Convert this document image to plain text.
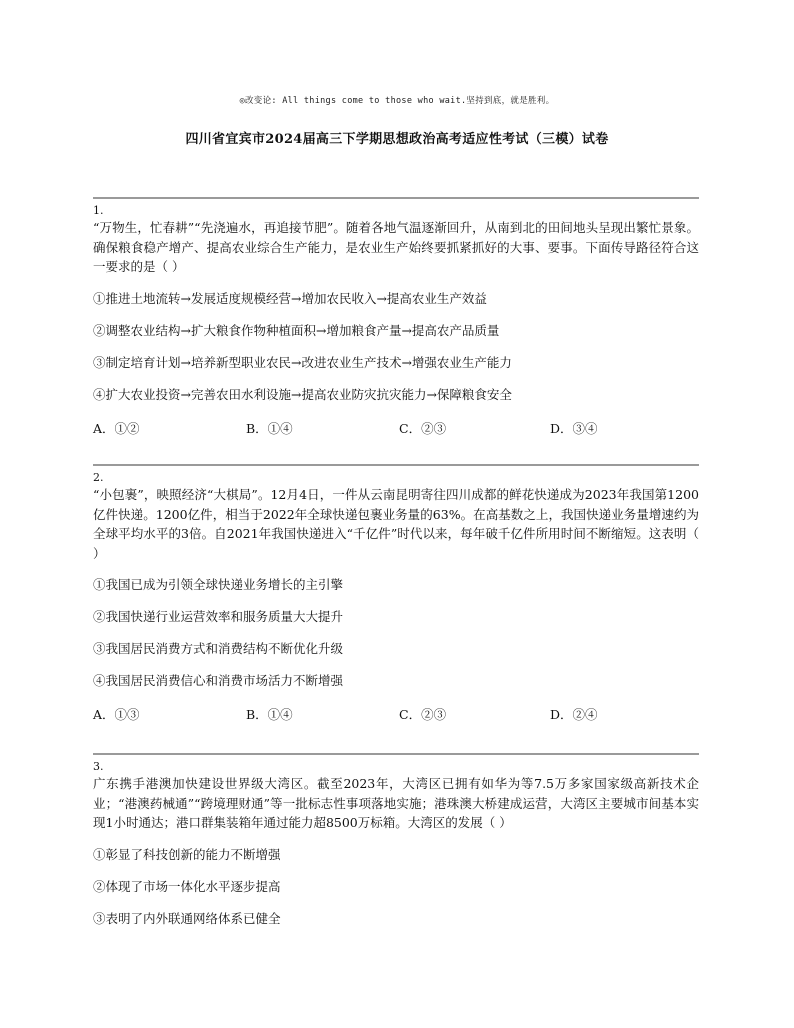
◎改变论: All things come to those who wait.坚持到底，就是胜利。
四川省宜宾市2024届高三下学期思想政治高考适应性考试（三模）试卷
1.
“万物生，忙春耕”“先浇遍水，再追接节肥”。随着各地气温逐渐回升，从南到北的田间地头呈现出繁忙景象。确保粮食稳产增产、提高农业综合生产能力，是农业生产始终要抓紧抓好的大事、要事。下面传导路径符合这一要求的是（ ）
①推进土地流转→发展适度规模经营→增加农民收入→提高农业生产效益
②调整农业结构→扩大粮食作物种植面积→增加粮食产量→提高农产品质量
③制定培育计划→培养新型职业农民→改进农业生产技术→增强农业生产能力
④扩大农业投资→完善农田水利设施→提高农业防灾抗灾能力→保障粮食安全
A．①②	B．①④	C．②③	D．③④
2.
“小包裹”，映照经济“大棋局”。12月4日，一件从云南昆明寄往四川成都的鲜花快递成为2023年我国第1200亿件快递。1200亿件，相当于2022年全球快递包裹业务量的63%。在高基数之上，我国快递业务量增速约为全球平均水平的3倍。自2021年我国快递进入“千亿件”时代以来，每年破千亿件所用时间不断缩短。这表明（ ）
①我国已成为引领全球快递业务增长的主引擎
②我国快递行业运营效率和服务质量大大提升
③我国居民消费方式和消费结构不断优化升级
④我国居民消费信心和消费市场活力不断增强
A．①③	B．①④	C．②③	D．②④
3.
广东携手港澳加快建设世界级大湾区。截至2023年，大湾区已拥有如华为等7.5万多家国家级高新技术企业；“港澳药械通”“跨境理财通”等一批标志性事项落地实施；港珠澳大桥建成运营，大湾区主要城市间基本实现1小时通达；港口群集装箱年通过能力超8500万标箱。大湾区的发展（ ）
①彰显了科技创新的能力不断增强
②体现了市场一体化水平逐步提高
③表明了内外联通网络体系已健全
